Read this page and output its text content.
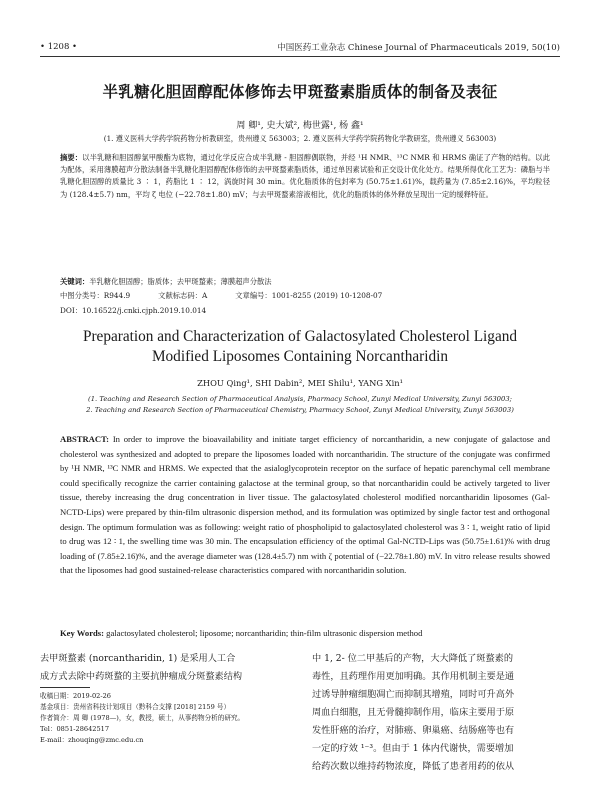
• 1208 •	中国医药工业杂志 Chinese Journal of Pharmaceuticals 2019, 50(10)
半乳糖化胆固醇配体修饰去甲斑蝥素脂质体的制备及表征
周 卿¹, 史大斌², 梅世露¹, 杨 鑫¹
(1. 遵义医科大学药学院药物分析教研室，贵州遵义 563003；2. 遵义医科大学药学院药物化学教研室，贵州遵义 563003)
摘要：以半乳糖和胆固醇氯甲酸酯为底物，通过化学反应合成半乳糖 - 胆固醇偶联物，并经 ¹H NMR、¹³C NMR 和 HRMS 确证了产物的结构。以此为配体，采用薄膜超声分散法制备半乳糖化胆固醇配体修饰的去甲斑蝥素脂质体，通过单因素试验和正交设计优化处方。结果所得优化工艺为：磷脂与半乳糖化胆固醇的质量比 3 ∶ 1，药脂比 1 ∶ 12，涡旋时间 30 min。优化脂质体的包封率为 (50.75±1.61)%，载药量为 (7.85±2.16)%，平均粒径为 (128.4±5.7) nm，平均 ζ 电位 (−22.78±1.80) mV；与去甲斑蝥素溶液相比，优化的脂质体的体外释放呈现出一定的缓释特征。
关键词：半乳糖化胆固醇；脂质体；去甲斑蝥素；薄膜超声分散法
中图分类号：R944.9	文献标志码：A	文章编号：1001-8255 (2019) 10-1208-07
DOI：10.16522/j.cnki.cjph.2019.10.014
Preparation and Characterization of Galactosylated Cholesterol Ligand Modified Liposomes Containing Norcantharidin
ZHOU Qing¹, SHI Dabin², MEI Shilu¹, YANG Xin¹
(1. Teaching and Research Section of Pharmaceutical Analysis, Pharmacy School, Zunyi Medical University, Zunyi 563003;
2. Teaching and Research Section of Pharmaceutical Chemistry, Pharmacy School, Zunyi Medical University, Zunyi 563003)
ABSTRACT: In order to improve the bioavailability and initiate target efficiency of norcantharidin, a new conjugate of galactose and cholesterol was synthesized and adopted to prepare the liposomes loaded with norcantharidin. The structure of the conjugate was confirmed by ¹H NMR, ¹³C NMR and HRMS. We expected that the asialoglycoprotein receptor on the surface of hepatic parenchymal cell membrane could specifically recognize the carrier containing galactose at the terminal group, so that norcantharidin could be actively targeted to liver tissue, thereby increasing the drug concentration in liver tissue. The galactosylated cholesterol modified norcantharidin liposomes (Gal-NCTD-Lips) were prepared by thin-film ultrasonic dispersion method, and its formulation was optimized by single factor test and orthogonal design. The optimum formulation was as following: weight ratio of phospholipid to galactosylated cholesterol was 3 ∶ 1, weight ratio of lipid to drug was 12 ∶ 1, the swelling time was 30 min. The encapsulation efficiency of the optimal Gal-NCTD-Lips was (50.75±1.61)% with drug loading of (7.85±2.16)%, and the average diameter was (128.4±5.7) nm with ζ potential of (−22.78±1.80) mV. In vitro release results showed that the liposomes had good sustained-release characteristics compared with norcantharidin solution.
Key Words: galactosylated cholesterol; liposome; norcantharidin; thin-film ultrasonic dispersion method

去甲斑蝥素 (norcantharidin, 1) 是采用人工合

成方式去除中药斑蝥的主要抗肿瘤成分斑蝥素结构

收稿日期：2019-02-26
基金项目：贵州省科技计划项目（黔科合支撑 [2018] 2159 号）
作者简介：周 卿 (1978—)，女，教授，硕士，从事药物分析的研究。
Tel：0851-28642517
E-mail：zhouqing@zmc.edu.cn

中 1, 2- 位二甲基后的产物，大大降低了斑蝥素的

毒性，且药理作用更加明确。其作用机制主要是通

过诱导肿瘤细胞凋亡而抑制其增殖，同时可升高外

周血白细胞，且无骨髓抑制作用，临床主要用于原

发性肝癌的治疗，对肺癌、卵巢癌、结肠癌等也有

一定的疗效 ¹⁻³。但由于 1 体内代谢快，需要增加

给药次数以维持药物浓度，降低了患者用药的依从
